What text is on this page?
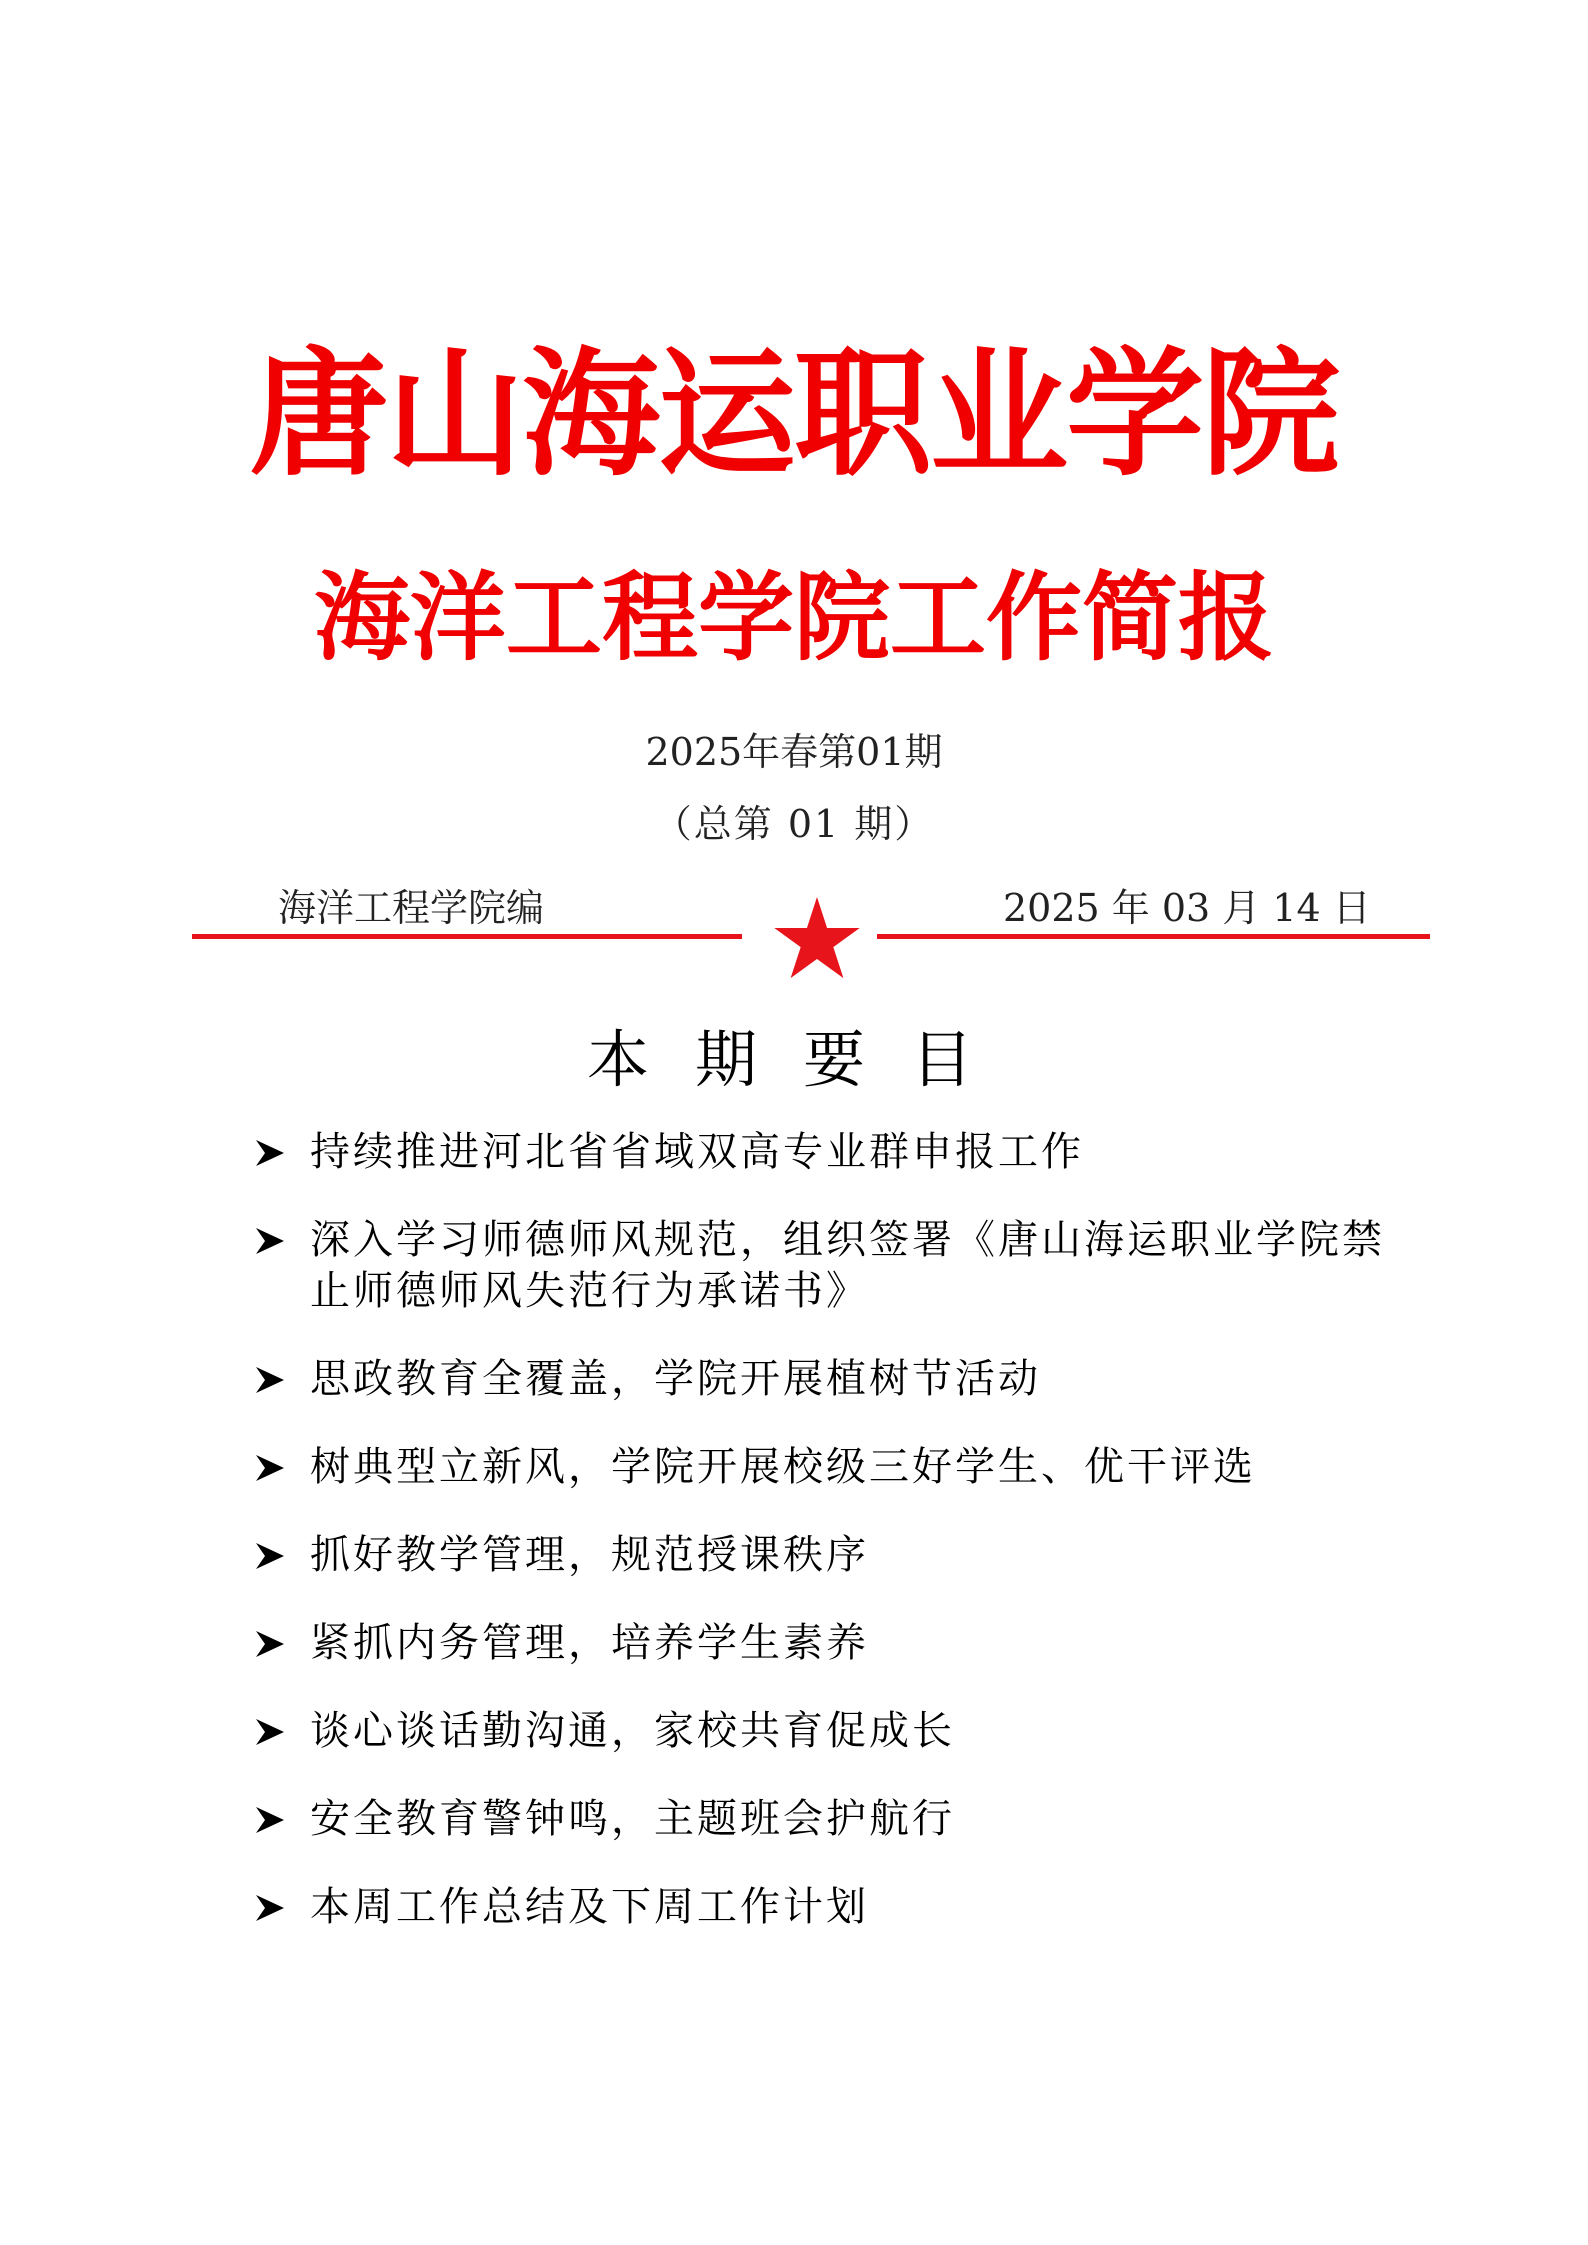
唐山海运职业学院
海洋工程学院工作简报
2025年春第01期
（总第 01 期）
海洋工程学院编	2025 年 03 月 14 日
本期要目
持续推进河北省省域双高专业群申报工作
深入学习师德师风规范，组织签署《唐山海运职业学院禁止师德师风失范行为承诺书》
思政教育全覆盖，学院开展植树节活动
树典型立新风，学院开展校级三好学生、优干评选
抓好教学管理，规范授课秩序
紧抓内务管理，培养学生素养
谈心谈话勤沟通，家校共育促成长
安全教育警钟鸣，主题班会护航行
本周工作总结及下周工作计划
